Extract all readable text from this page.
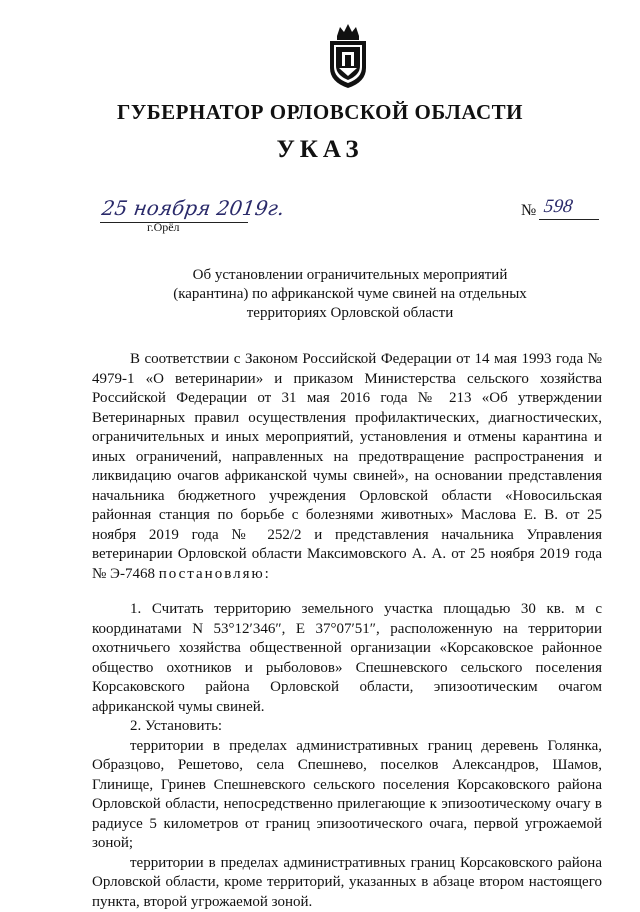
ГУБЕРНАТОР ОРЛОВСКОЙ ОБЛАСТИ
УКАЗ
25 ноября 2019г.
г.Орёл
№ 598
Об установлении ограничительных мероприятий
(карантина) по африканской чуме свиней на отдельных
территориях Орловской области

В соответствии с Законом Российской Федерации от 14 мая 1993 года № 4979-1 «О ветеринарии» и приказом Министерства сельского хозяйства Российской Федерации от 31 мая 2016 года № 213 «Об утверждении Ветеринарных правил осуществления профилактических, диагностических, ограничительных и иных мероприятий, установления и отмены карантина и иных ограничений, направленных на предотвращение распространения и ликвидацию очагов африканской чумы свиней», на основании представления начальника бюджетного учреждения Орловской области «Новосильская районная станция по борьбе с болезнями животных» Маслова Е. В. от 25 ноября 2019 года № 252/2 и представления начальника Управления ветеринарии Орловской области Максимовского А. А. от 25 ноября 2019 года № Э-7468 постановляю:

1. Считать территорию земельного участка площадью 30 кв. м с координатами N 53°12′346″, E 37°07′51″, расположенную на территории охотничьего хозяйства общественной организации «Корсаковское районное общество охотников и рыболовов» Спешневского сельского поселения Корсаковского района Орловской области, эпизоотическим очагом африканской чумы свиней.

2. Установить:

территории в пределах административных границ деревень Голянка, Образцово, Решетово, села Спешнево, поселков Александров, Шамов, Глинище, Гринев Спешневского сельского поселения Корсаковского района Орловской области, непосредственно прилегающие к эпизоотическому очагу в радиусе 5 километров от границ эпизоотического очага, первой угрожаемой зоной;

территории в пределах административных границ Корсаковского района Орловской области, кроме территорий, указанных в абзаце втором настоящего пункта, второй угрожаемой зоной.
